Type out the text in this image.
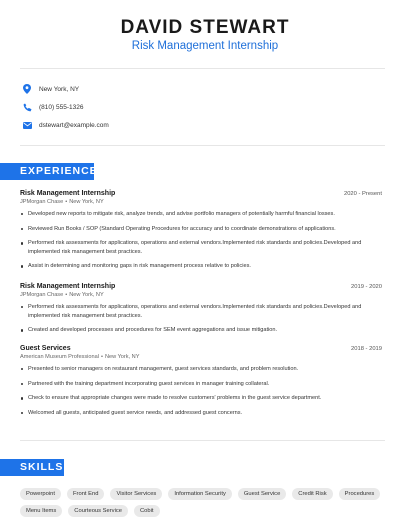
DAVID STEWART
Risk Management Internship
New York, NY
(810) 555-1326
dstewart@example.com
EXPERIENCE
Risk Management Internship	2020 - Present
JPMorgan Chase • New York, NY
Developed new reports to mitigate risk, analyze trends, and advise portfolio managers of potentially harmful financial losses.
Reviewed Run Books / SOP (Standard Operating Procedures for accuracy and to coordinate demonstrations of applications.
Performed risk assessments for applications, operations and external vendors.Implemented risk standards and policies.Developed and implemented risk management best practices.
Assist in determining and monitoring gaps in risk management process relative to policies.
Risk Management Internship	2019 - 2020
JPMorgan Chase • New York, NY
Performed risk assessments for applications, operations and external vendors.Implemented risk standards and policies.Developed and implemented risk management best practices.
Created and developed processes and procedures for SEM event aggregations and issue mitigation.
Guest Services	2018 - 2019
American Museum Professional • New York, NY
Presented to senior managers on restaurant management, guest services standards, and problem resolution.
Partnered with the training department incorporating guest services in manager training collateral.
Check to ensure that appropriate changes were made to resolve customers' problems in the guest service department.
Welcomed all guests, anticipated guest service needs, and addressed guest concerns.
SKILLS
Powerpoint	Front End	Visitor Services	Information Security	Guest Service	Credit Risk	Procedures
Menu Items	Courteous Service	Cobit
